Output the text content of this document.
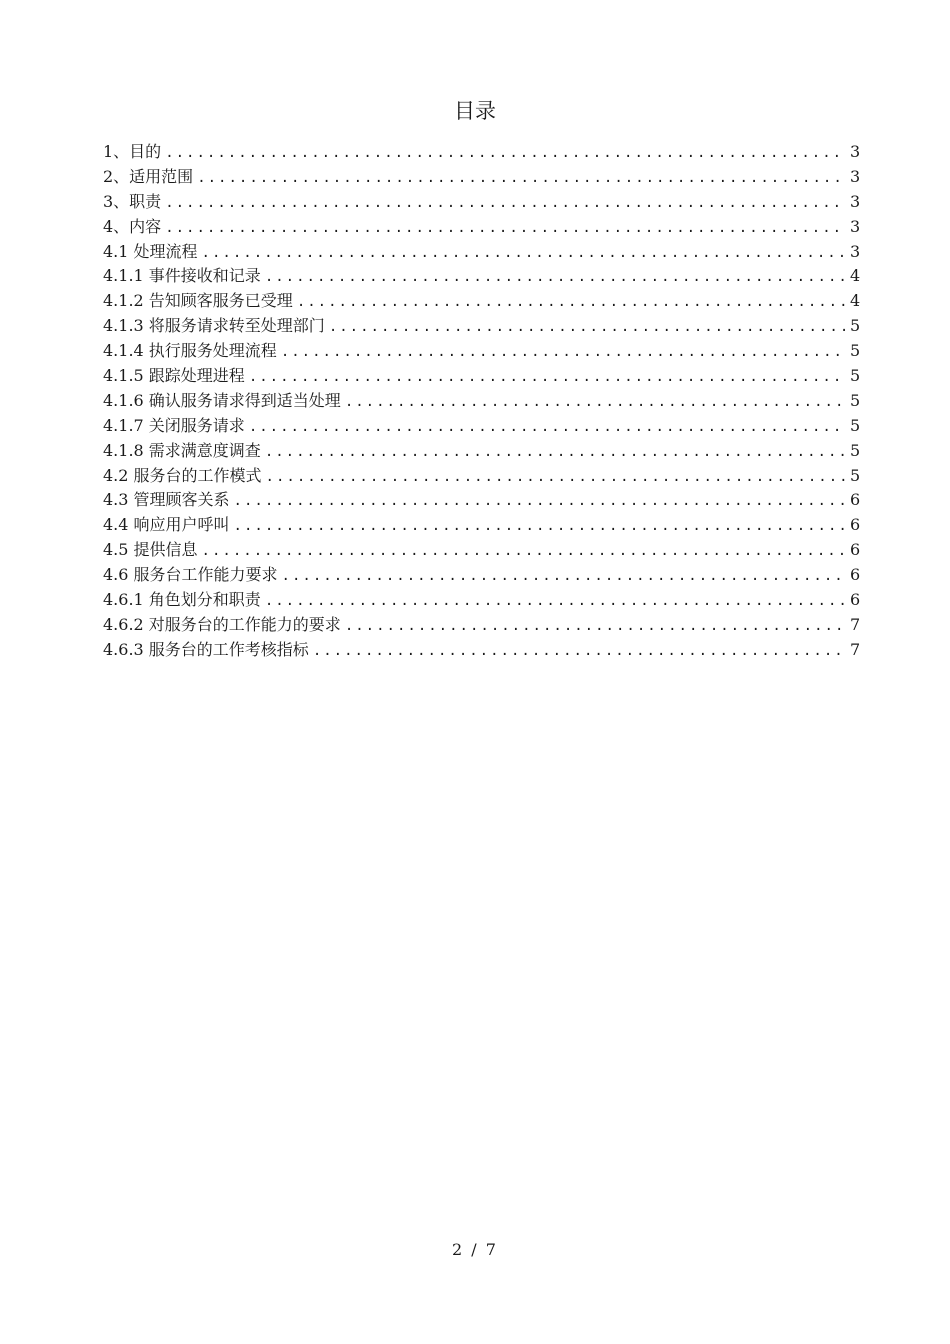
目录
1、目的 .....	3
2、适用范围 .....	3
3、职责 .....	3
4、内容 .....	3
4.1 处理流程 .....	3
4.1.1 事件接收和记录 .....	4
4.1.2 告知顾客服务已受理 .....	4
4.1.3 将服务请求转至处理部门 .....	5
4.1.4 执行服务处理流程 .....	5
4.1.5 跟踪处理进程 .....	5
4.1.6 确认服务请求得到适当处理 .....	5
4.1.7 关闭服务请求 .....	5
4.1.8 需求满意度调查 .....	5
4.2 服务台的工作模式 .....	5
4.3 管理顾客关系 .....	6
4.4 响应用户呼叫 .....	6
4.5 提供信息 .....	6
4.6 服务台工作能力要求 .....	6
4.6.1 角色划分和职责 .....	6
4.6.2 对服务台的工作能力的要求 .....	7
4.6.3 服务台的工作考核指标 .....	7
2 / 7
